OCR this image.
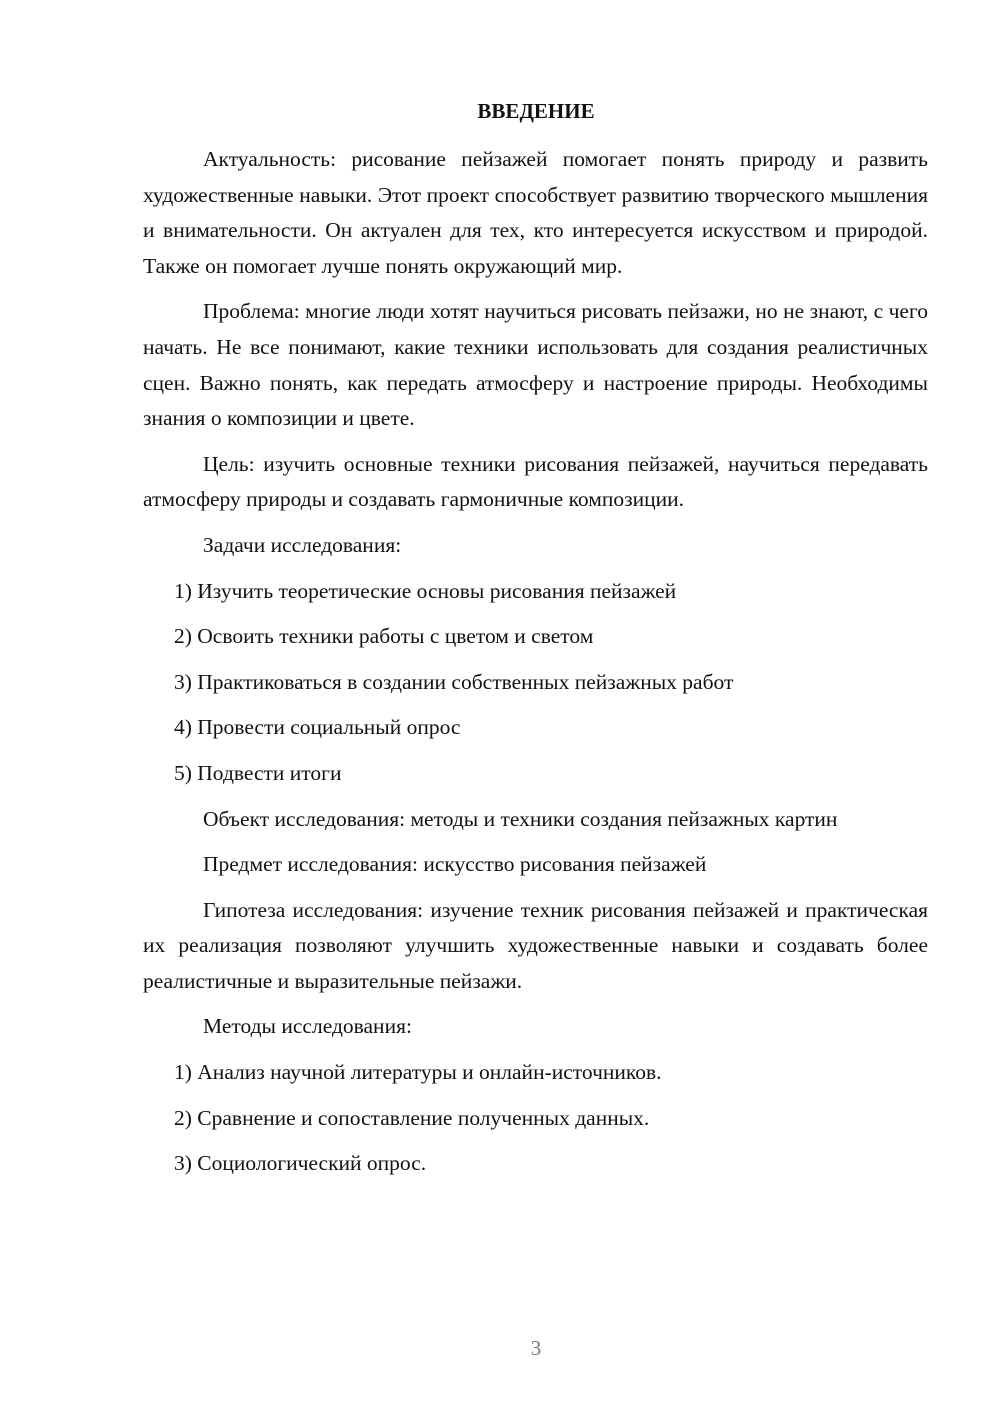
ВВЕДЕНИЕ

Актуальность: рисование пейзажей помогает понять природу и развить художественные навыки. Этот проект способствует развитию творческого мышления и внимательности. Он актуален для тех, кто интересуется искусством и природой. Также он помогает лучше понять окружающий мир.

Проблема: многие люди хотят научиться рисовать пейзажи, но не знают, с чего начать. Не все понимают, какие техники использовать для создания реалистичных сцен. Важно понять, как передать атмосферу и настроение природы. Необходимы знания о композиции и цвете.

Цель: изучить основные техники рисования пейзажей, научиться передавать атмосферу природы и создавать гармоничные композиции.

Задачи исследования:

1) Изучить теоретические основы рисования пейзажей

2) Освоить техники работы с цветом и светом

3) Практиковаться в создании собственных пейзажных работ

4) Провести социальный опрос

5) Подвести итоги

Объект исследования: методы и техники создания пейзажных картин

Предмет исследования: искусство рисования пейзажей

Гипотеза исследования: изучение техник рисования пейзажей и практическая их реализация позволяют улучшить художественные навыки и создавать более реалистичные и выразительные пейзажи.

Методы исследования:

1) Анализ научной литературы и онлайн-источников.

2) Сравнение и сопоставление полученных данных.

3) Социологический опрос.

3
